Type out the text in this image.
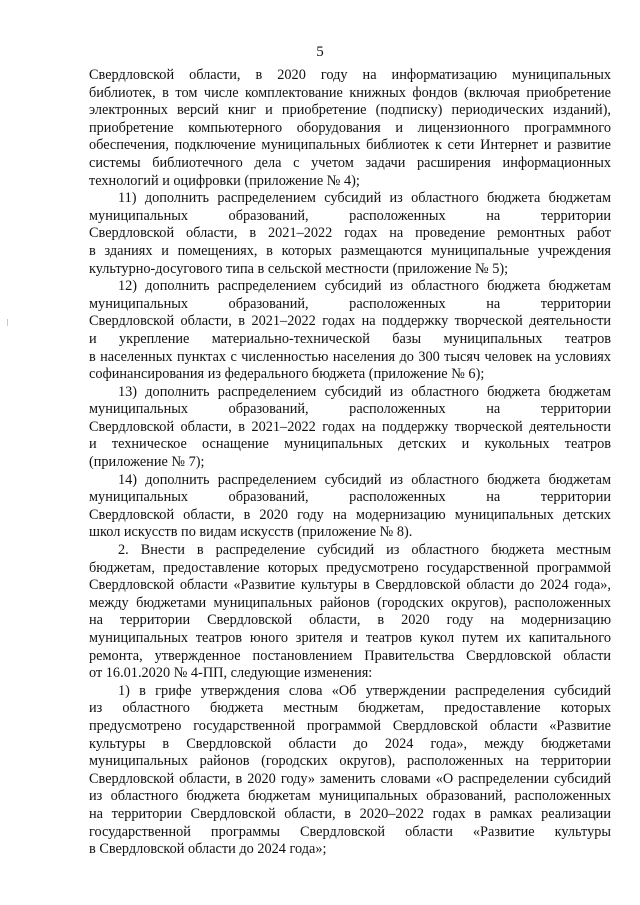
5
Свердловской области, в 2020 году на информатизацию муниципальных
библиотек, в том числе комплектование книжных фондов (включая приобретение
электронных версий книг и приобретение (подписку) периодических изданий),
приобретение компьютерного оборудования и лицензионного программного
обеспечения, подключение муниципальных библиотек к сети Интернет и развитие
системы библиотечного дела с учетом задачи расширения информационных
технологий и оцифровки (приложение № 4);
11) дополнить распределением субсидий из областного бюджета бюджетам
муниципальных образований, расположенных на территории
Свердловской области, в 2021–2022 годах на проведение ремонтных работ
в зданиях и помещениях, в которых размещаются муниципальные учреждения
культурно-досугового типа в сельской местности (приложение № 5);
12) дополнить распределением субсидий из областного бюджета бюджетам
муниципальных образований, расположенных на территории
Свердловской области, в 2021–2022 годах на поддержку творческой деятельности
и укрепление материально-технической базы муниципальных театров
в населенных пунктах с численностью населения до 300 тысяч человек на условиях
софинансирования из федерального бюджета (приложение № 6);
13) дополнить распределением субсидий из областного бюджета бюджетам
муниципальных образований, расположенных на территории
Свердловской области, в 2021–2022 годах на поддержку творческой деятельности
и техническое оснащение муниципальных детских и кукольных театров
(приложение № 7);
14) дополнить распределением субсидий из областного бюджета бюджетам
муниципальных образований, расположенных на территории
Свердловской области, в 2020 году на модернизацию муниципальных детских
школ искусств по видам искусств (приложение № 8).
2. Внести в распределение субсидий из областного бюджета местным
бюджетам, предоставление которых предусмотрено государственной программой
Свердловской области «Развитие культуры в Свердловской области до 2024 года»,
между бюджетами муниципальных районов (городских округов), расположенных
на территории Свердловской области, в 2020 году на модернизацию
муниципальных театров юного зрителя и театров кукол путем их капитального
ремонта, утвержденное постановлением Правительства Свердловской области
от 16.01.2020 № 4-ПП, следующие изменения:
1) в грифе утверждения слова «Об утверждении распределения субсидий
из областного бюджета местным бюджетам, предоставление которых
предусмотрено государственной программой Свердловской области «Развитие
культуры в Свердловской области до 2024 года», между бюджетами
муниципальных районов (городских округов), расположенных на территории
Свердловской области, в 2020 году» заменить словами «О распределении субсидий
из областного бюджета бюджетам муниципальных образований, расположенных
на территории Свердловской области, в 2020–2022 годах в рамках реализации
государственной программы Свердловской области «Развитие культуры
в Свердловской области до 2024 года»;
